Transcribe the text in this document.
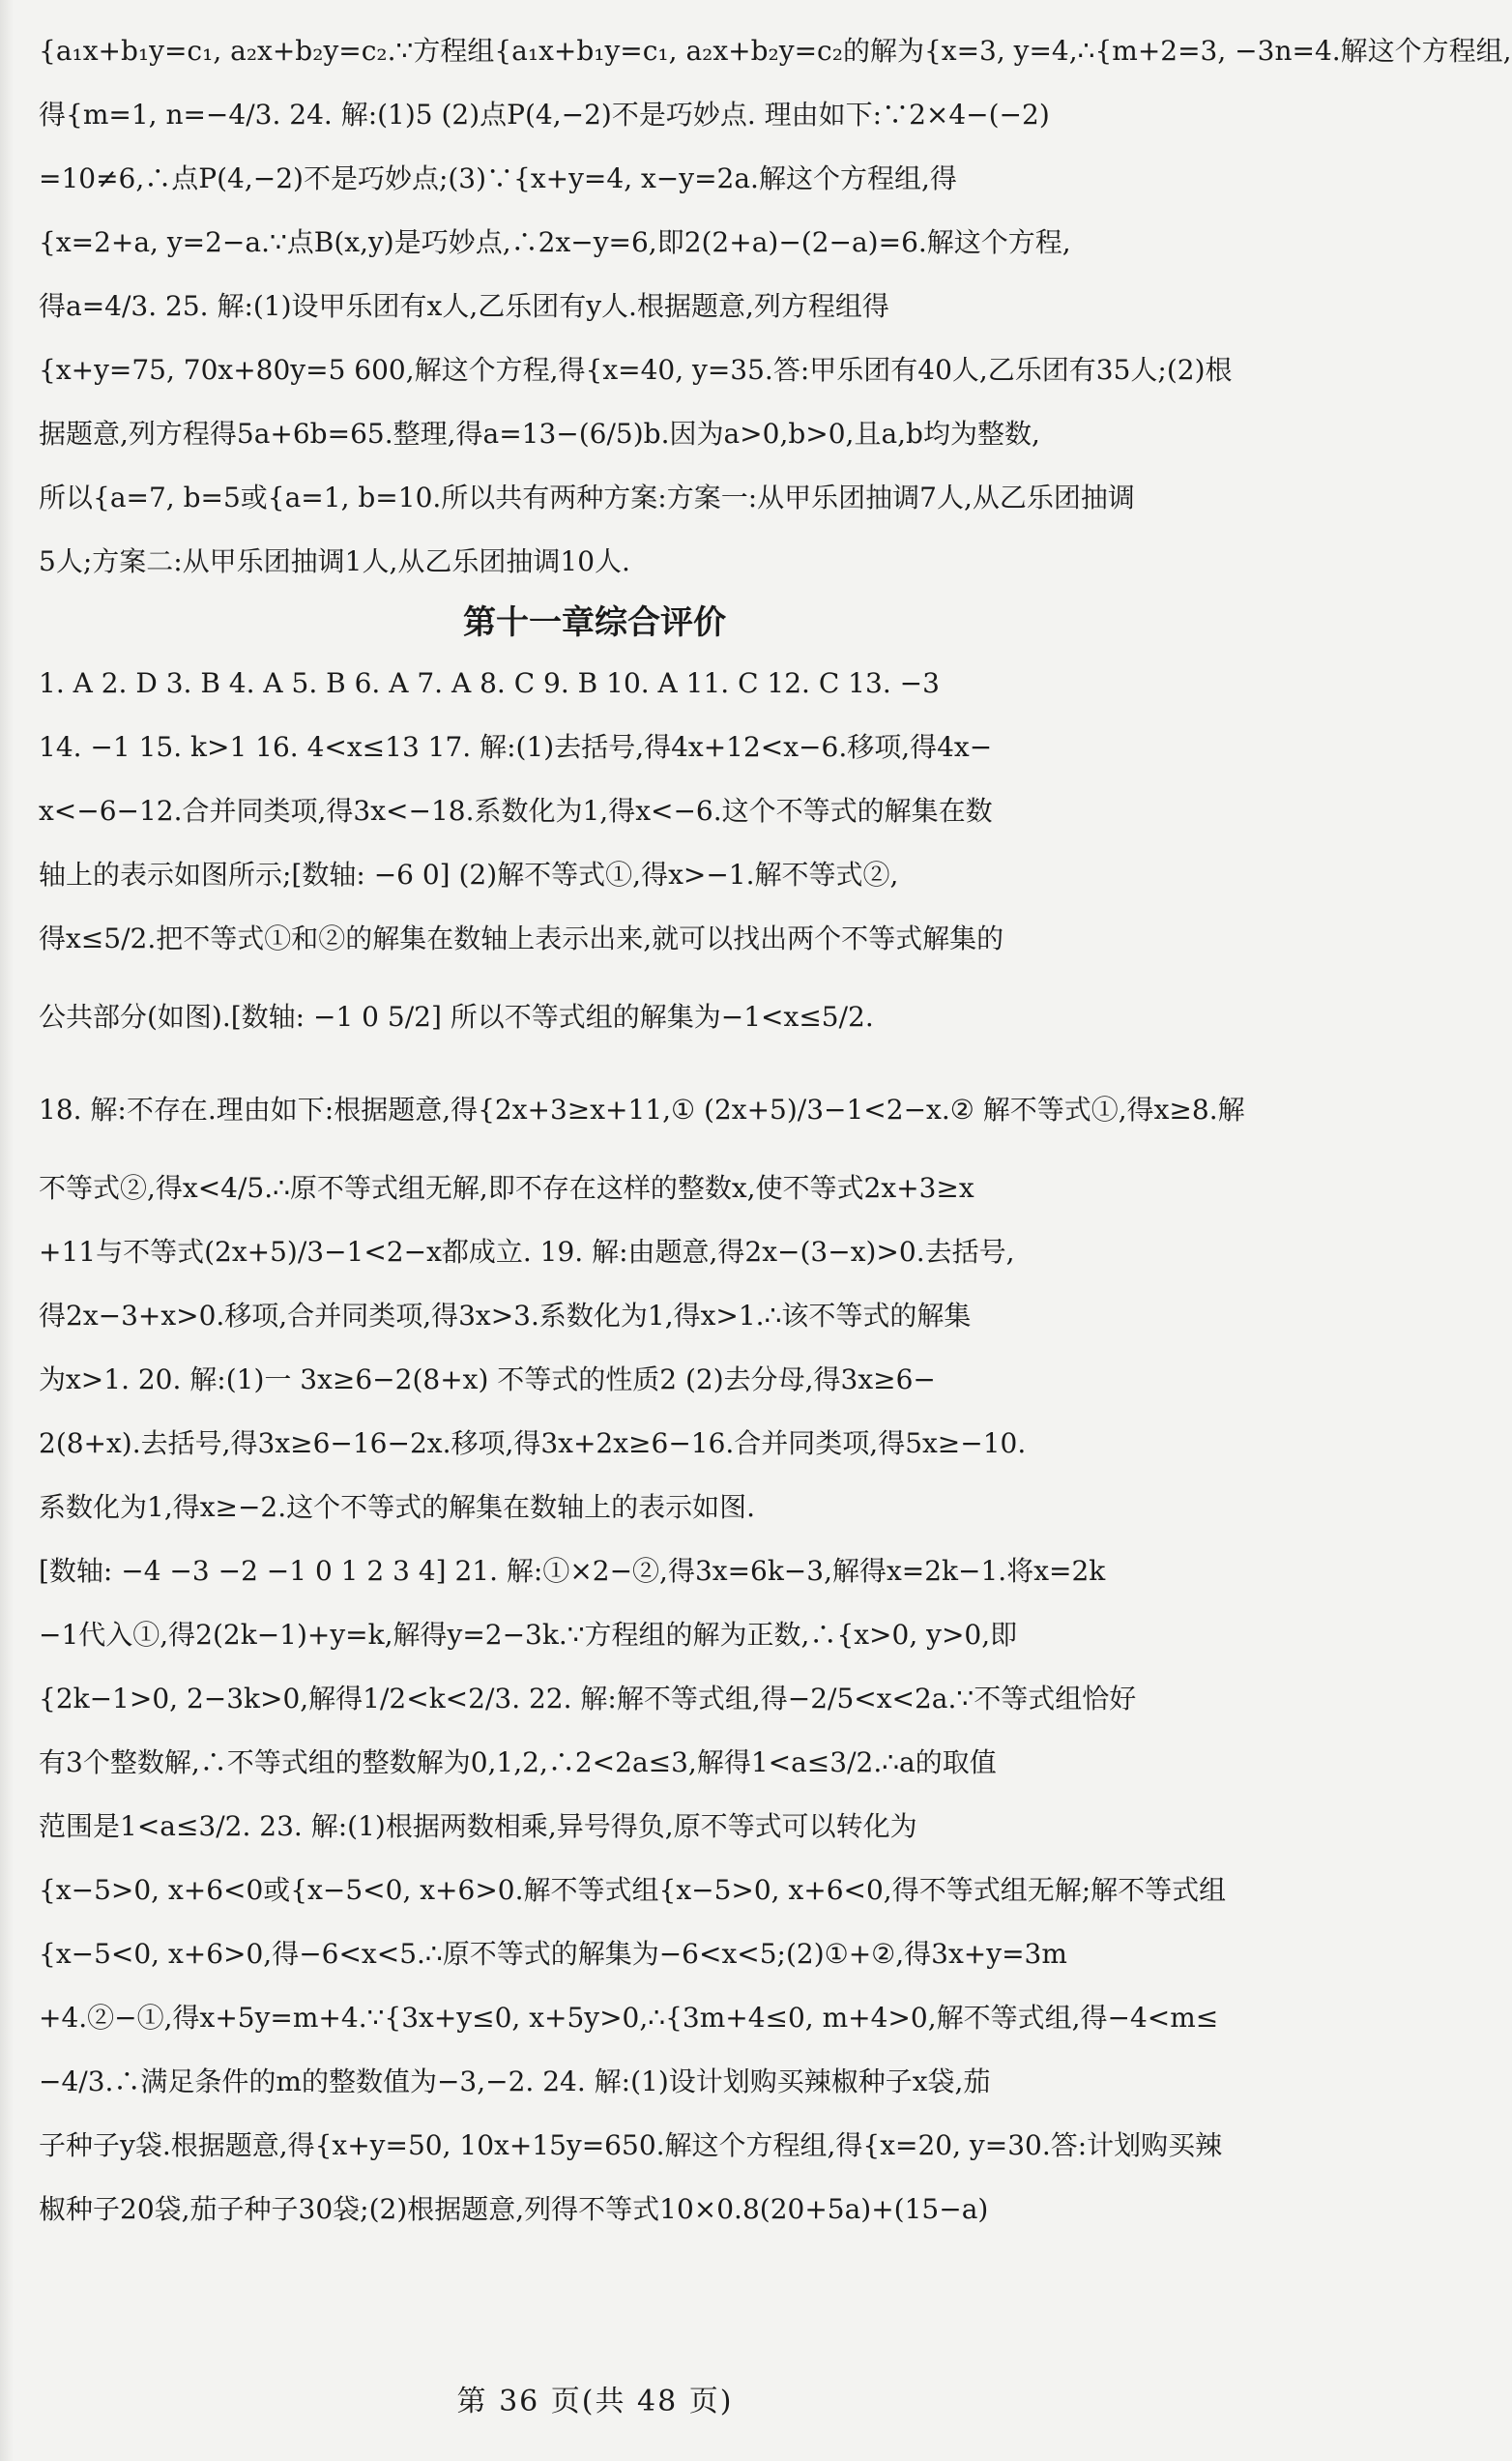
{a₁x+b₁y=c₁, a₂x+b₂y=c₂.∵方程组{a₁x+b₁y=c₁, a₂x+b₂y=c₂的解为{x=3, y=4,∴{m+2=3, −3n=4.解这个方程组,
得{m=1, n=−4/3. 24. 解:(1)5 (2)点P(4,−2)不是巧妙点. 理由如下:∵2×4−(−2)
=10≠6,∴点P(4,−2)不是巧妙点;(3)∵{x+y=4, x−y=2a.解这个方程组,得
{x=2+a, y=2−a.∵点B(x,y)是巧妙点,∴2x−y=6,即2(2+a)−(2−a)=6.解这个方程,
得a=4/3. 25. 解:(1)设甲乐团有x人,乙乐团有y人.根据题意,列方程组得
{x+y=75, 70x+80y=5 600,解这个方程,得{x=40, y=35.答:甲乐团有40人,乙乐团有35人;(2)根
据题意,列方程得5a+6b=65.整理,得a=13−(6/5)b.因为a>0,b>0,且a,b均为整数,
所以{a=7, b=5或{a=1, b=10.所以共有两种方案:方案一:从甲乐团抽调7人,从乙乐团抽调
5人;方案二:从甲乐团抽调1人,从乙乐团抽调10人.
第十一章综合评价
1. A 2. D 3. B 4. A 5. B 6. A 7. A 8. C 9. B 10. A 11. C 12. C 13. −3
14. −1 15. k>1 16. 4<x≤13 17. 解:(1)去括号,得4x+12<x−6.移项,得4x−
x<−6−12.合并同类项,得3x<−18.系数化为1,得x<−6.这个不等式的解集在数
轴上的表示如图所示;[数轴: −6 0] (2)解不等式①,得x>−1.解不等式②,
得x≤5/2.把不等式①和②的解集在数轴上表示出来,就可以找出两个不等式解集的
公共部分(如图).[数轴: −1 0 5/2] 所以不等式组的解集为−1<x≤5/2.
18. 解:不存在.理由如下:根据题意,得{2x+3≥x+11,① (2x+5)/3−1<2−x.② 解不等式①,得x≥8.解
不等式②,得x<4/5.∴原不等式组无解,即不存在这样的整数x,使不等式2x+3≥x
+11与不等式(2x+5)/3−1<2−x都成立. 19. 解:由题意,得2x−(3−x)>0.去括号,
得2x−3+x>0.移项,合并同类项,得3x>3.系数化为1,得x>1.∴该不等式的解集
为x>1. 20. 解:(1)一 3x≥6−2(8+x) 不等式的性质2 (2)去分母,得3x≥6−
2(8+x).去括号,得3x≥6−16−2x.移项,得3x+2x≥6−16.合并同类项,得5x≥−10.
系数化为1,得x≥−2.这个不等式的解集在数轴上的表示如图.
[数轴: −4 −3 −2 −1 0 1 2 3 4] 21. 解:①×2−②,得3x=6k−3,解得x=2k−1.将x=2k
−1代入①,得2(2k−1)+y=k,解得y=2−3k.∵方程组的解为正数,∴{x>0, y>0,即
{2k−1>0, 2−3k>0,解得1/2<k<2/3. 22. 解:解不等式组,得−2/5<x<2a.∵不等式组恰好
有3个整数解,∴不等式组的整数解为0,1,2,∴2<2a≤3,解得1<a≤3/2.∴a的取值
范围是1<a≤3/2. 23. 解:(1)根据两数相乘,异号得负,原不等式可以转化为
{x−5>0, x+6<0或{x−5<0, x+6>0.解不等式组{x−5>0, x+6<0,得不等式组无解;解不等式组
{x−5<0, x+6>0,得−6<x<5.∴原不等式的解集为−6<x<5;(2)①+②,得3x+y=3m
+4.②−①,得x+5y=m+4.∵{3x+y≤0, x+5y>0,∴{3m+4≤0, m+4>0,解不等式组,得−4<m≤
−4/3.∴满足条件的m的整数值为−3,−2. 24. 解:(1)设计划购买辣椒种子x袋,茄
子种子y袋.根据题意,得{x+y=50, 10x+15y=650.解这个方程组,得{x=20, y=30.答:计划购买辣
椒种子20袋,茄子种子30袋;(2)根据题意,列得不等式10×0.8(20+5a)+(15−a)
第 36 页(共 48 页)
